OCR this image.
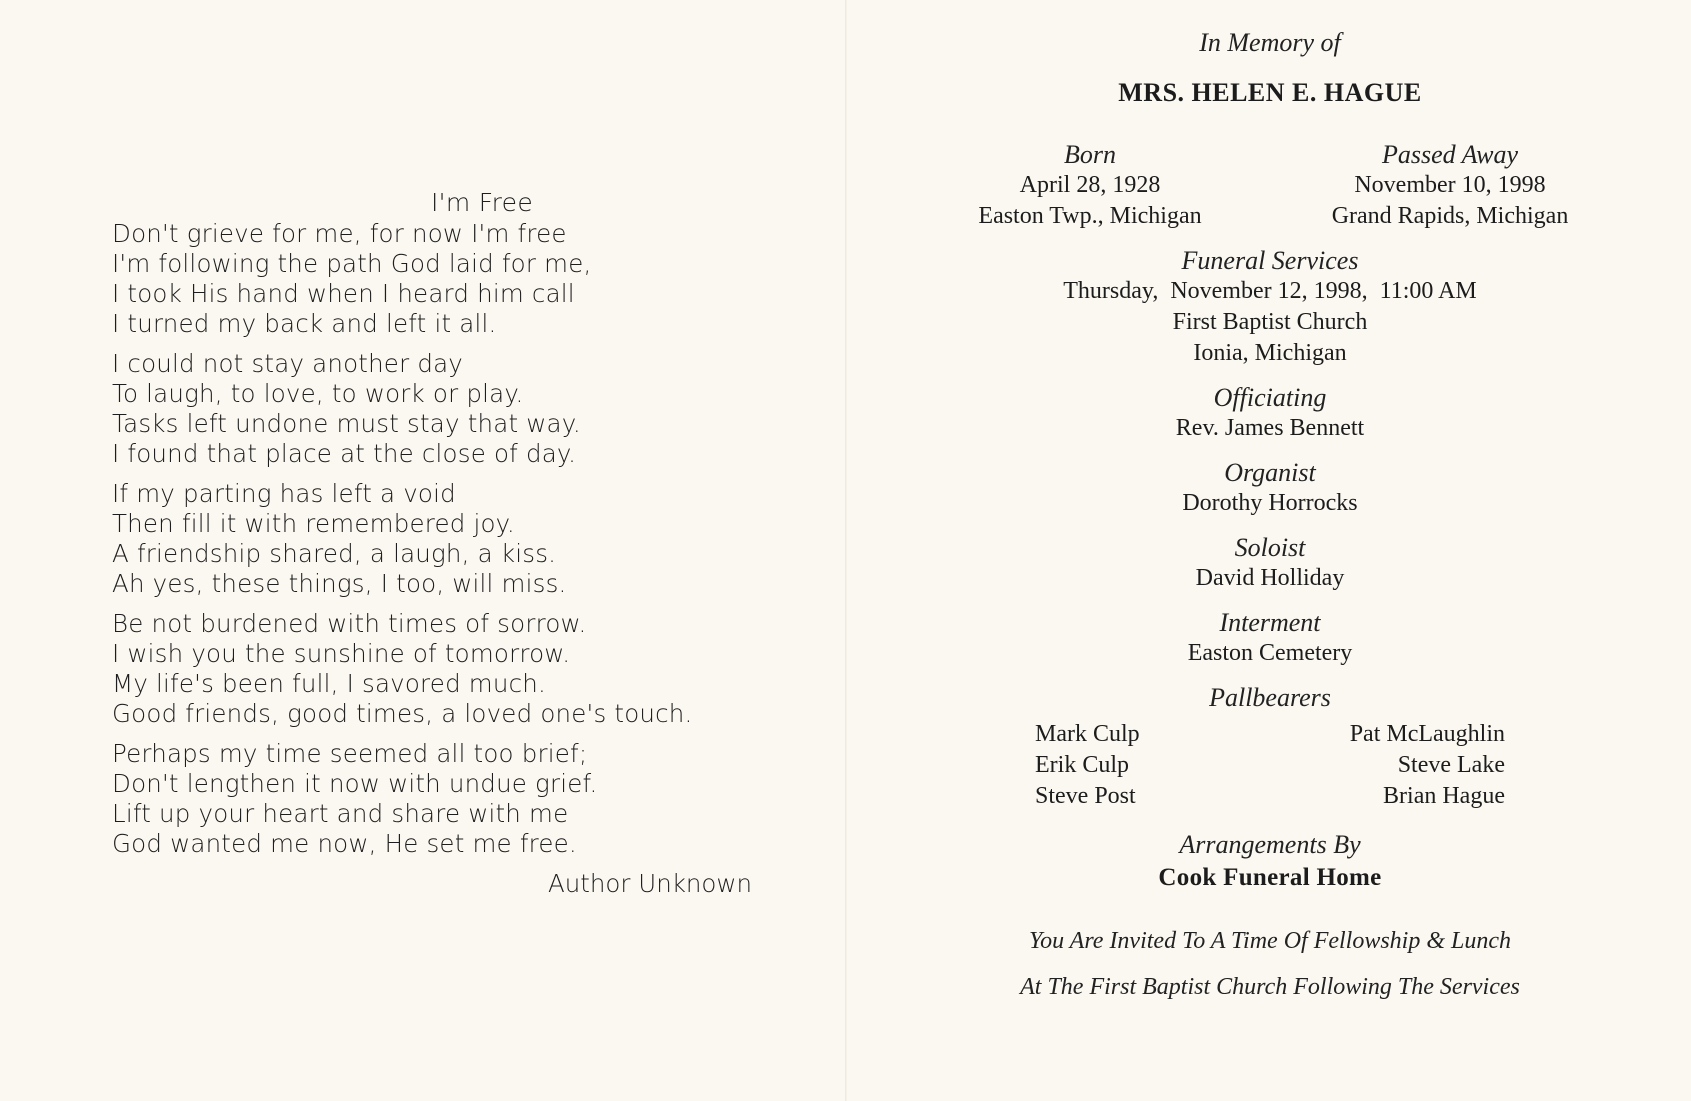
I'm Free
Don't grieve for me, for now I'm free
I'm following the path God laid for me,
I took His hand when I heard him call
I turned my back and left it all.
I could not stay another day
To laugh, to love, to work or play.
Tasks left undone must stay that way.
I found that place at the close of day.
If my parting has left a void
Then fill it with remembered joy.
A friendship shared, a laugh, a kiss.
Ah yes, these things, I too, will miss.
Be not burdened with times of sorrow.
I wish you the sunshine of tomorrow.
My life's been full, I savored much.
Good friends, good times, a loved one's touch.
Perhaps my time seemed all too brief;
Don't lengthen it now with undue grief.
Lift up your heart and share with me
God wanted me now, He set me free.
Author Unknown
In Memory of
MRS. HELEN E. HAGUE
Born
April 28, 1928
Easton Twp., Michigan
Passed Away
November 10, 1998
Grand Rapids, Michigan
Funeral Services
Thursday,  November 12, 1998,  11:00 AM
First Baptist Church
Ionia, Michigan
Officiating
Rev. James Bennett
Organist
Dorothy Horrocks
Soloist
David Holliday
Interment
Easton Cemetery
Pallbearers
Mark Culp
Erik Culp
Steve Post
Pat McLaughlin
Steve Lake
Brian Hague
Arrangements By
Cook Funeral Home
You Are Invited To A Time Of Fellowship & Lunch
At The First Baptist Church Following The Services
